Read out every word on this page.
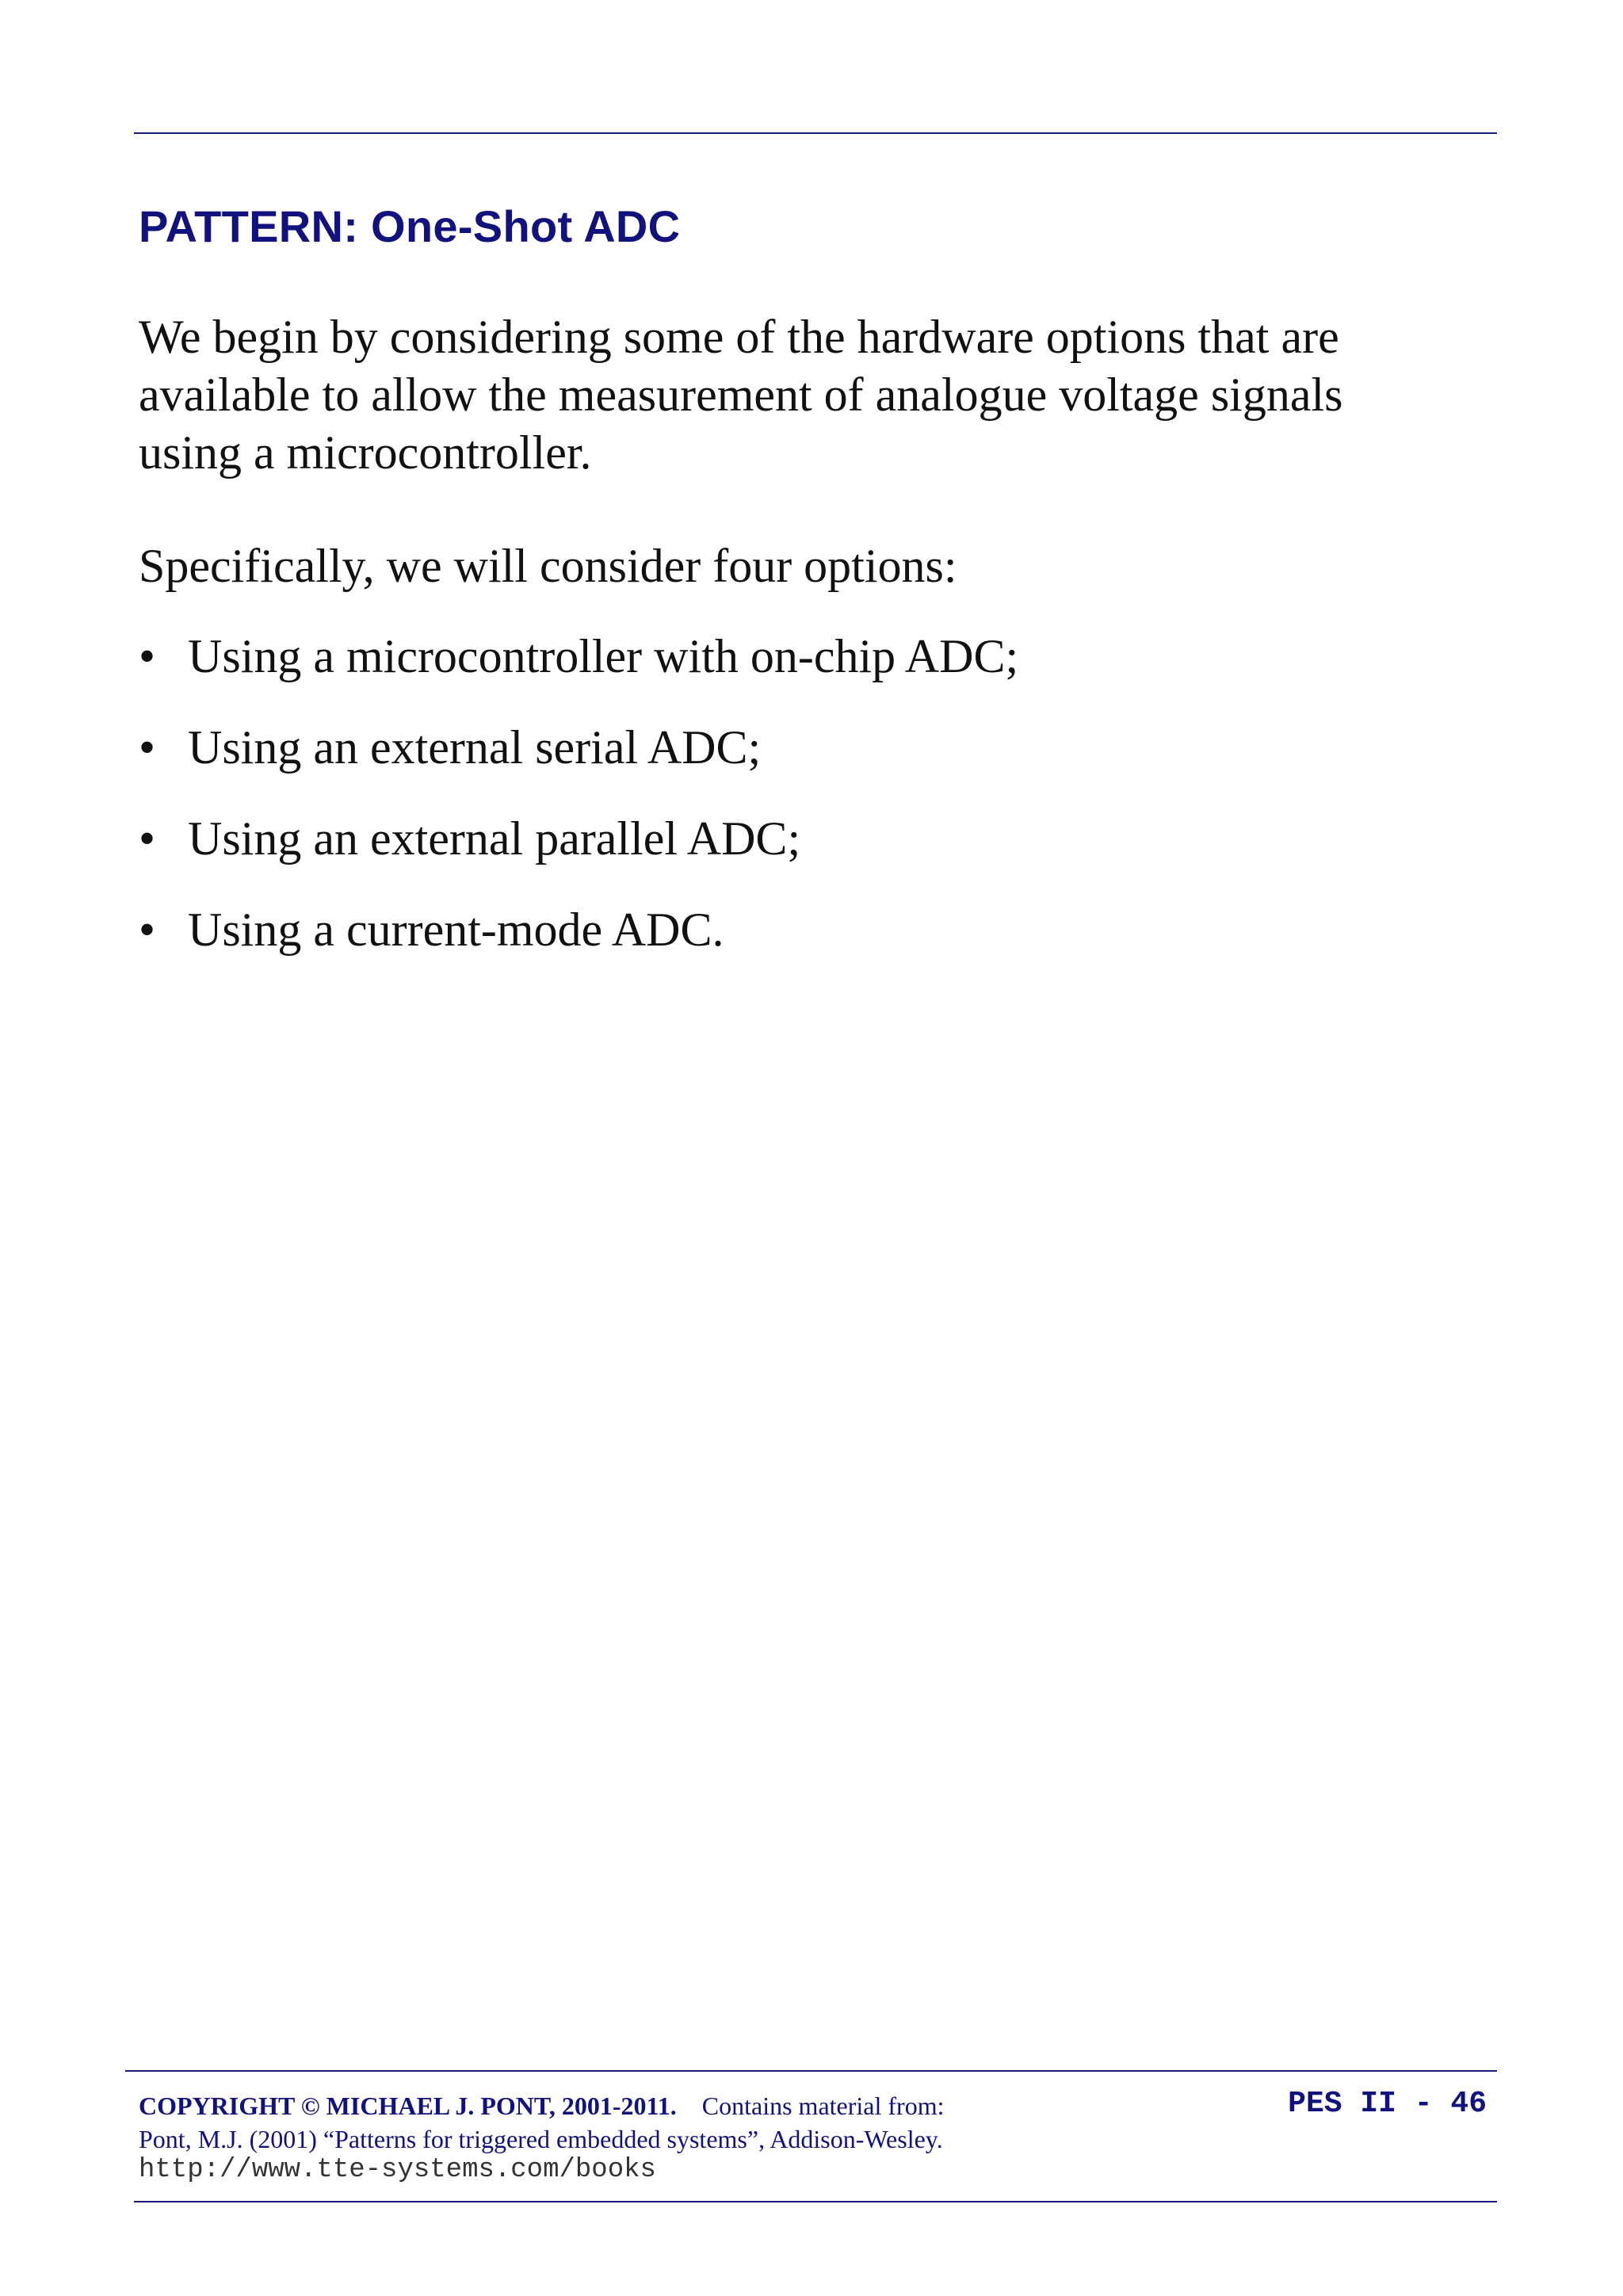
PATTERN: One-Shot ADC

We begin by considering some of the hardware options that are
available to allow the measurement of analogue voltage signals
using a microcontroller.

Specifically, we will consider four options:

• Using a microcontroller with on-chip ADC;
• Using an external serial ADC;
• Using an external parallel ADC;
• Using a current-mode ADC.
COPYRIGHT © MICHAEL J. PONT, 2001-2011. Contains material from:
Pont, M.J. (2001) “Patterns for triggered embedded systems”, Addison-Wesley.
http://www.tte-systems.com/books
PES II - 46
